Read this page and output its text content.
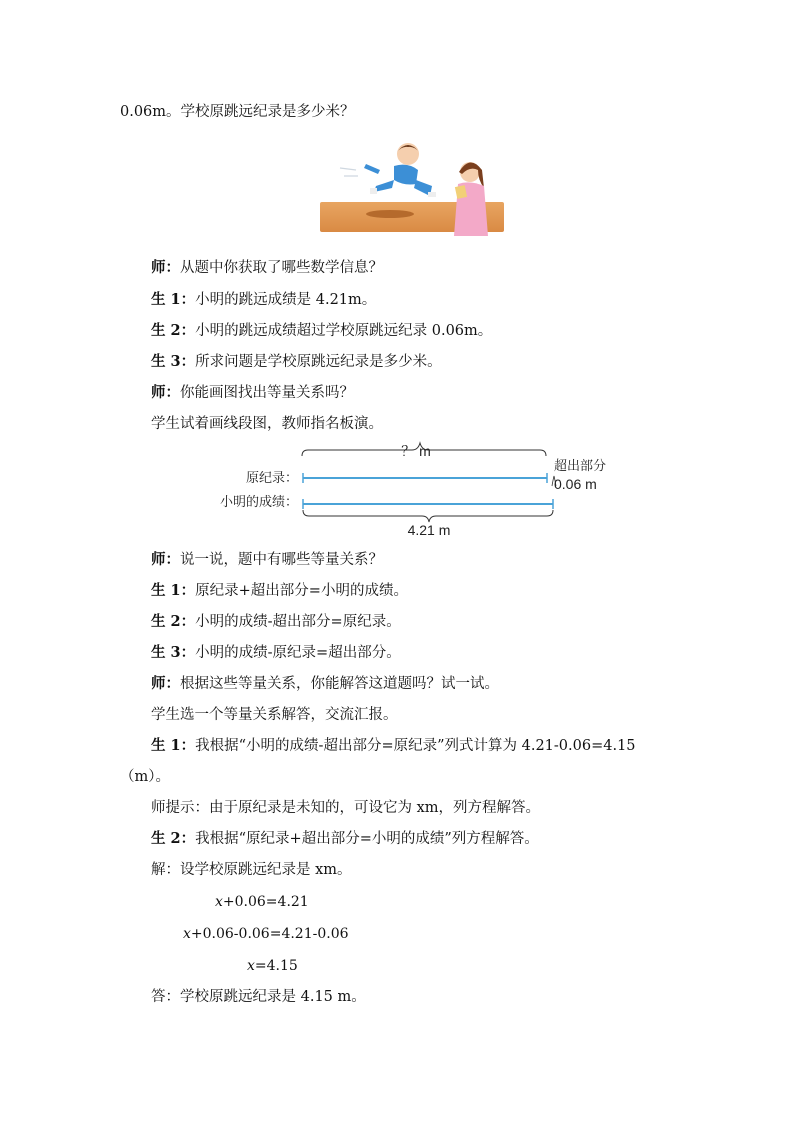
0.06m。学校原跳远纪录是多少米？
师：从题中你获取了哪些数学信息？
生 1：小明的跳远成绩是 4.21m。
生 2：小明的跳远成绩超过学校原跳远纪录 0.06m。
生 3：所求问题是学校原跳远纪录是多少米。
师：你能画图找出等量关系吗？
学生试着画线段图，教师指名板演。
？ m
原纪录：
小明的成绩：
超出部分
0.06 m
4.21 m
师：说一说，题中有哪些等量关系？
生 1：原纪录+超出部分=小明的成绩。
生 2：小明的成绩-超出部分=原纪录。
生 3：小明的成绩-原纪录=超出部分。
师：根据这些等量关系，你能解答这道题吗？试一试。
学生选一个等量关系解答，交流汇报。
生 1：我根据“小明的成绩-超出部分=原纪录”列式计算为 4.21-0.06=4.15
（m）。
师提示：由于原纪录是未知的，可设它为 xm，列方程解答。
生 2：我根据“原纪录+超出部分=小明的成绩”列方程解答。
解：设学校原跳远纪录是 xm。
x+0.06=4.21
x+0.06-0.06=4.21-0.06
x=4.15
答：学校原跳远纪录是 4.15 m。
